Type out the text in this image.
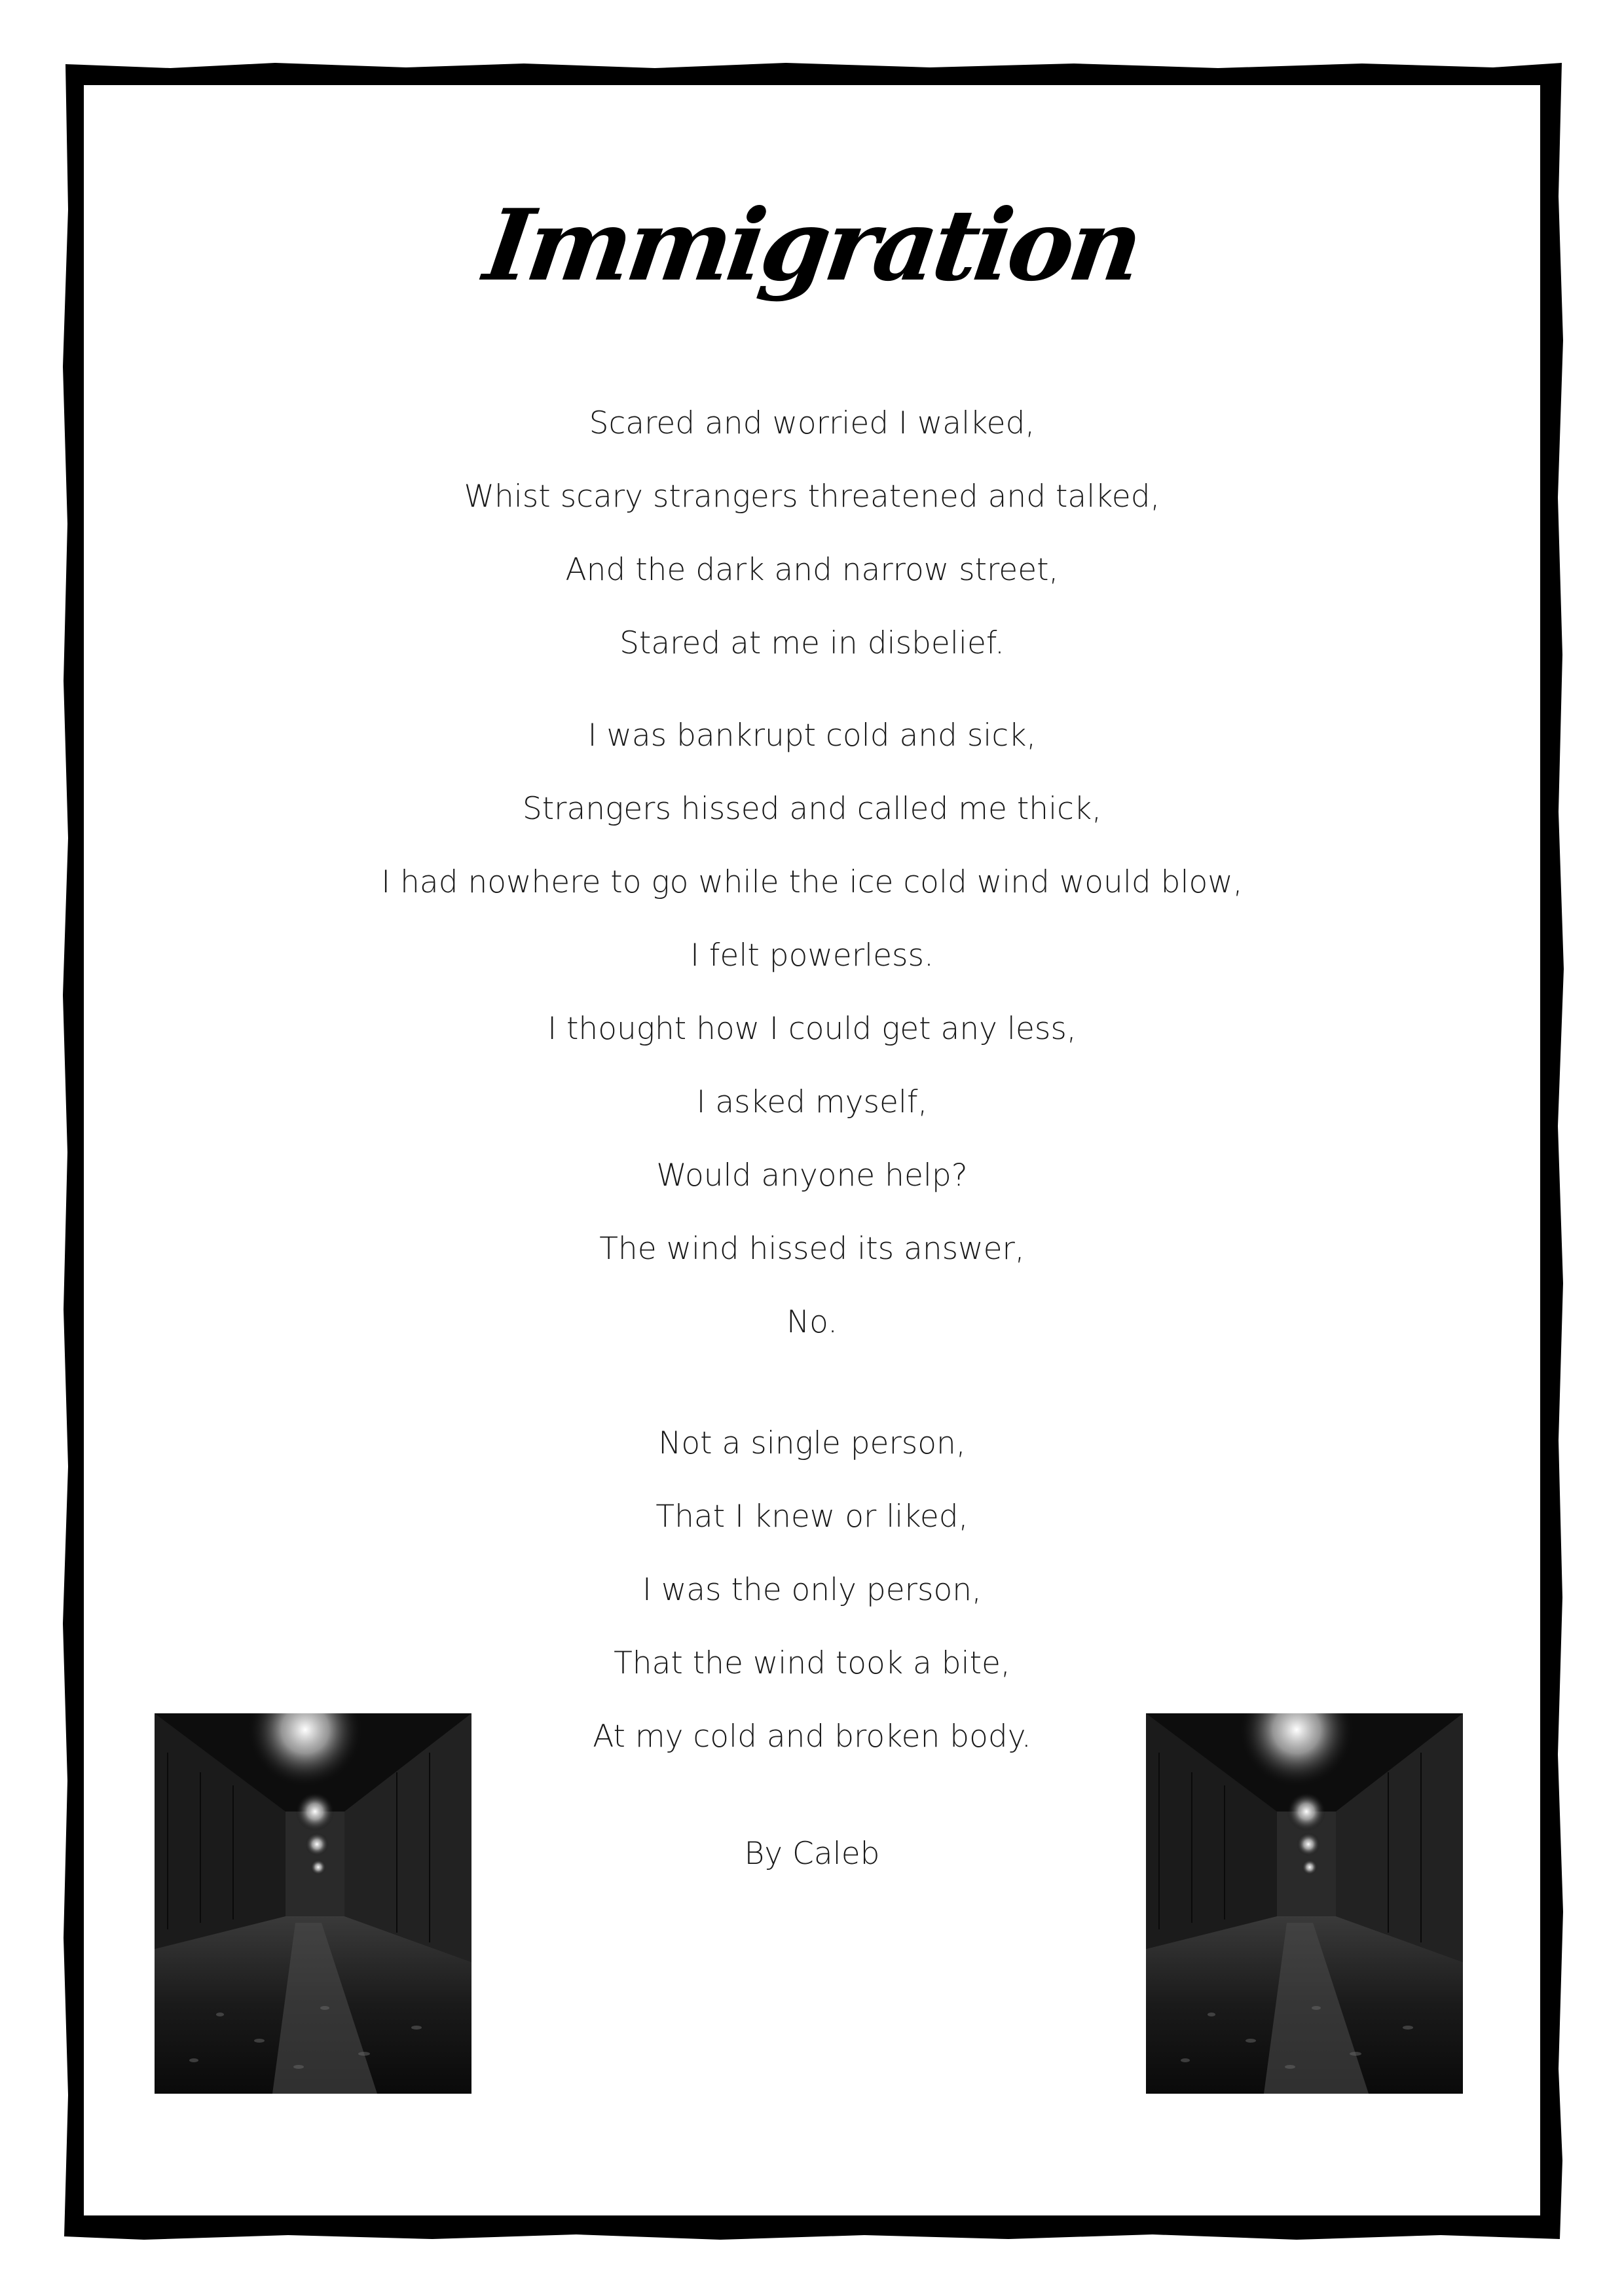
Immigration
Scared and worried I walked,
Whist scary strangers threatened and talked,
And the dark and narrow street,
Stared at me in disbelief.
I was bankrupt cold and sick,
Strangers hissed and called me thick,
I had nowhere to go while the ice cold wind would blow,
I felt powerless.
I thought how I could get any less,
I asked myself,
Would anyone help?
The wind hissed its answer,
No.
Not a single person,
That I knew or liked,
I was the only person,
That the wind took a bite,
At my cold and broken body.
By Caleb
